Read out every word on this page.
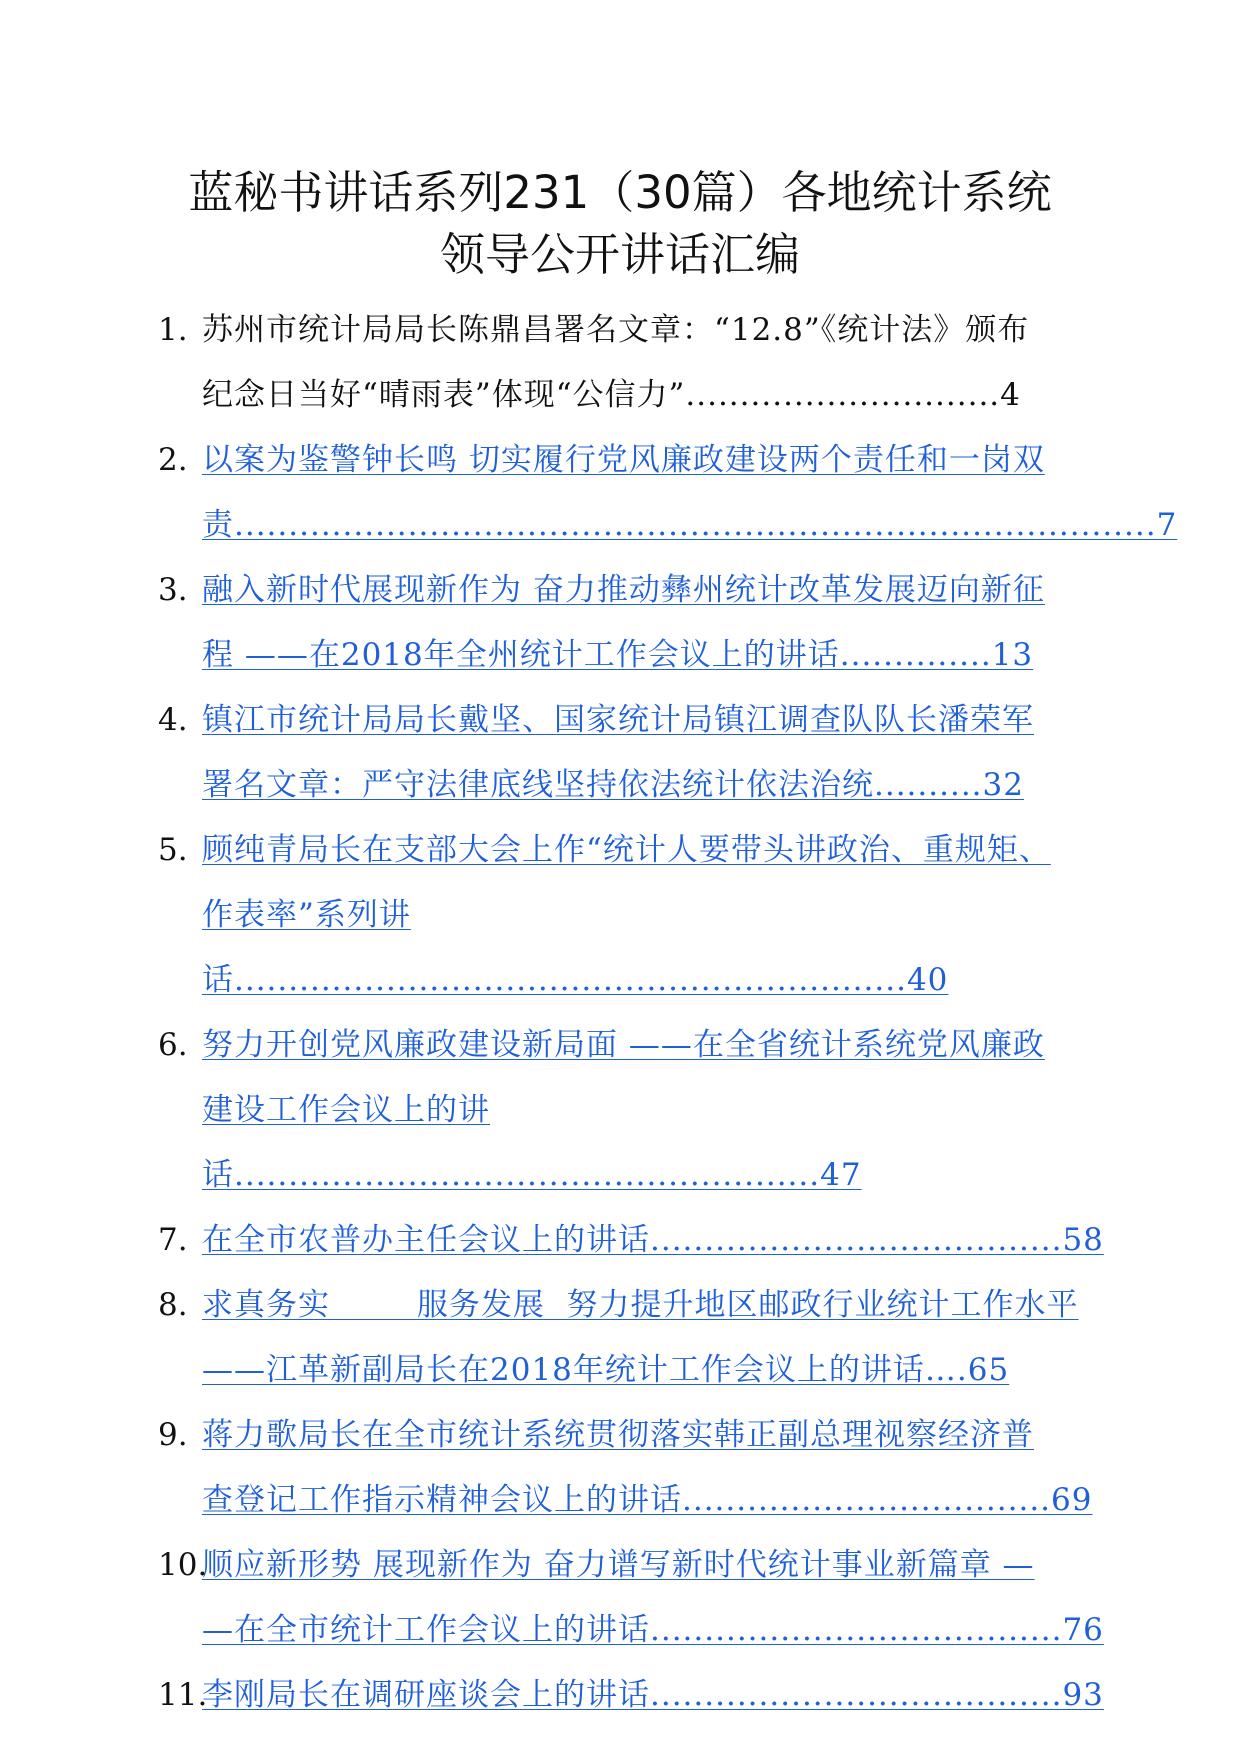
蓝秘书讲话系列231（30篇）各地统计系统
领导公开讲话汇编
1. 苏州市统计局局长陈鼎昌署名文章：“12.8”《统计法》颁布
纪念日当好“晴雨表”体现“公信力”.............................4
2. 以案为鉴警钟长鸣 切实履行党风廉政建设两个责任和一岗双
责.....................................................................................7
3. 融入新时代展现新作为 奋力推动彝州统计改革发展迈向新征
程 ——在2018年全州统计工作会议上的讲话..............13
4. 镇江市统计局局长戴坚、国家统计局镇江调查队队长潘荣军
署名文章：严守法律底线坚持依法统计依法治统..........32
5. 顾纯青局长在支部大会上作“统计人要带头讲政治、重规矩、
作表率”系列讲话..............................................................40
6. 努力开创党风廉政建设新局面 ——在全省统计系统党风廉政
建设工作会议上的讲话......................................................47
7. 在全市农普办主任会议上的讲话......................................58
8. 求真务实        服务发展  努力提升地区邮政行业统计工作水平
——江革新副局长在2018年统计工作会议上的讲话….65
9. 蒋力歌局长在全市统计系统贯彻落实韩正副总理视察经济普
查登记工作指示精神会议上的讲话..................................69
10.
顺应新形势 展现新作为 奋力谱写新时代统计事业新篇章 —
—在全市统计工作会议上的讲话......................................76
11.
李刚局长在调研座谈会上的讲话......................................93
